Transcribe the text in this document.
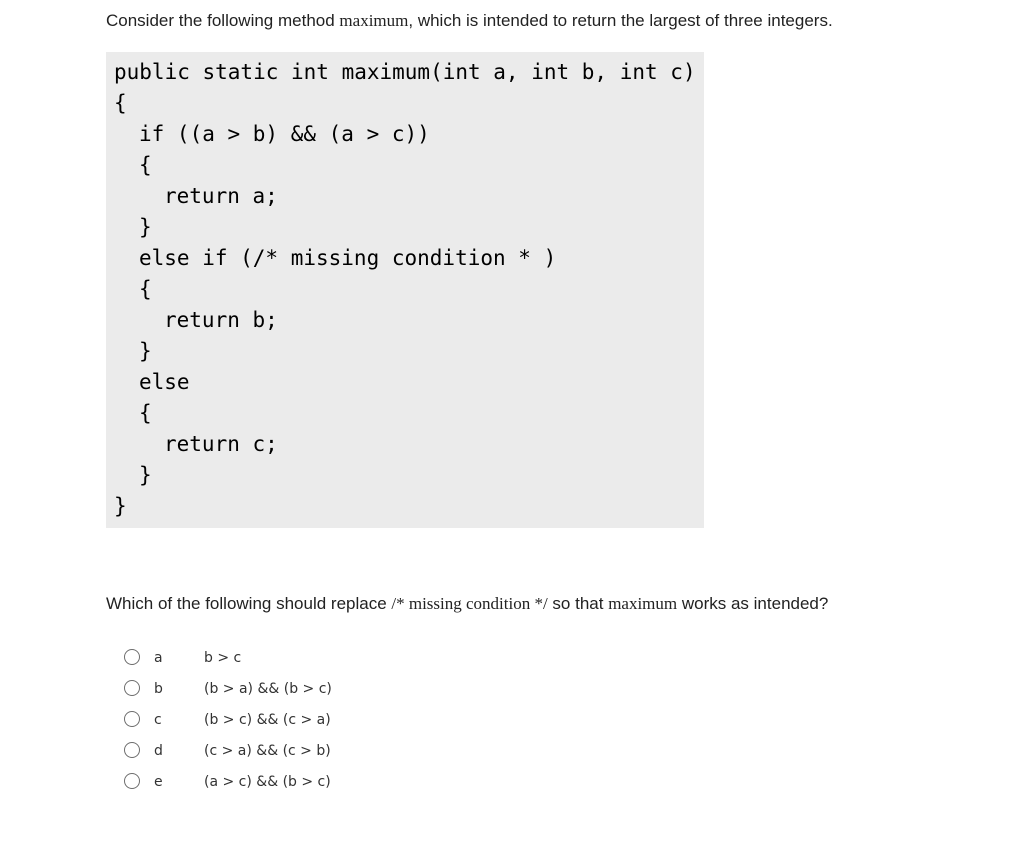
Consider the following method maximum, which is intended to return the largest of three integers.
public static int maximum(int a, int b, int c)
{
if ((a > b) && (a > c))
{
return a;
}
else if (/* missing condition * )
{
return b;
}
else
{
return c;
}
}
Which of the following should replace /* missing condition */ so that maximum works as intended?
a	b > c
b	(b > a) && (b > c)
c	(b > c) && (c > a)
d	(c > a) && (c > b)
e	(a > c) && (b > c)
